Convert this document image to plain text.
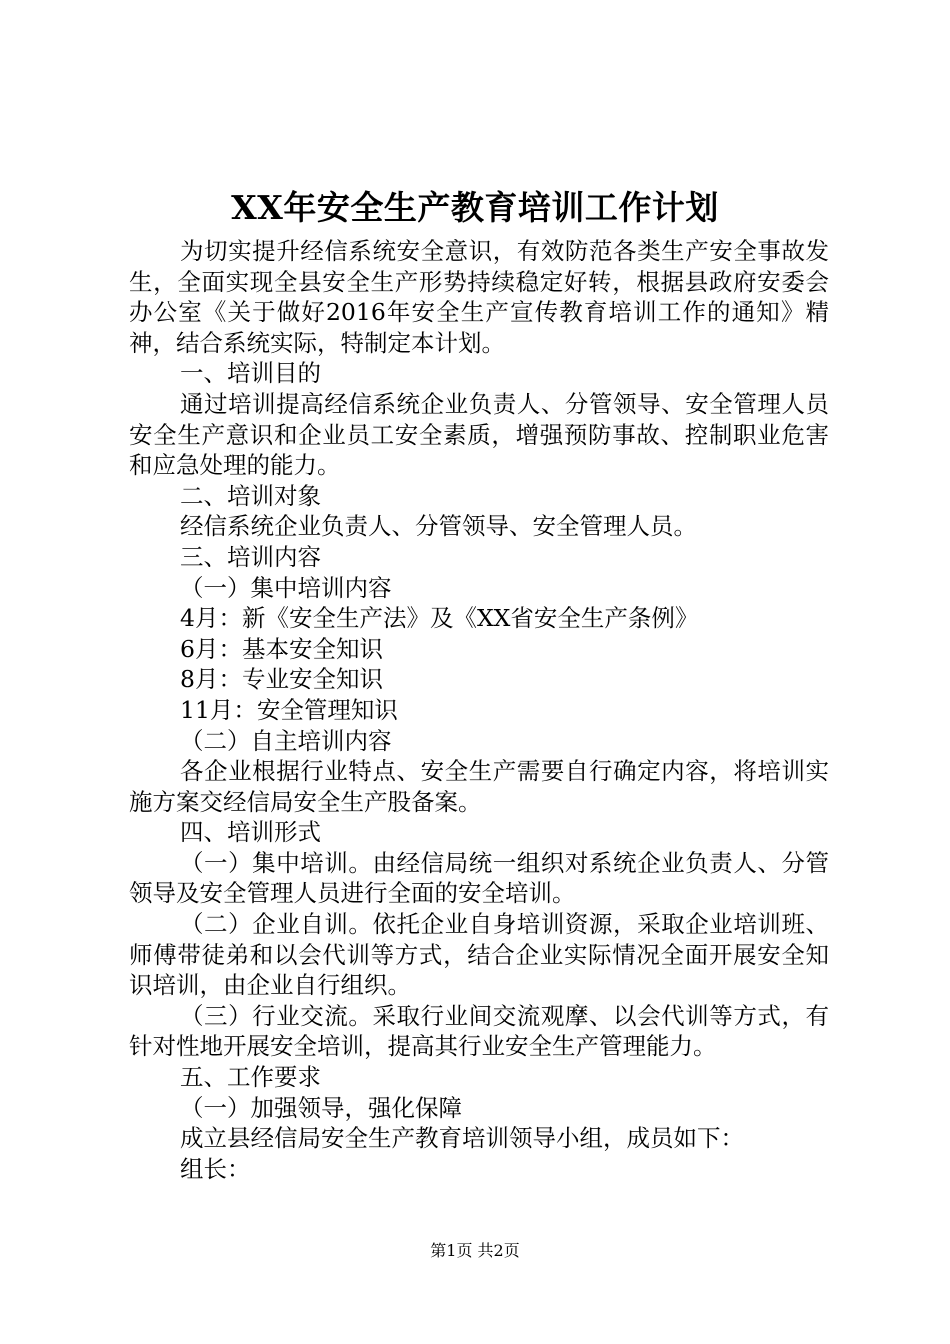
XX年安全生产教育培训工作计划

为切实提升经信系统安全意识，有效防范各类生产安全事故发生，全面实现全县安全生产形势持续稳定好转，根据县政府安委会办公室《关于做好2016年安全生产宣传教育培训工作的通知》精神，结合系统实际，特制定本计划。

一、培训目的

通过培训提高经信系统企业负责人、分管领导、安全管理人员安全生产意识和企业员工安全素质，增强预防事故、控制职业危害和应急处理的能力。

二、培训对象

经信系统企业负责人、分管领导、安全管理人员。

三、培训内容

（一）集中培训内容

4月：新《安全生产法》及《XX省安全生产条例》

6月：基本安全知识

8月：专业安全知识

11月：安全管理知识

（二）自主培训内容

各企业根据行业特点、安全生产需要自行确定内容，将培训实施方案交经信局安全生产股备案。

四、培训形式

（一）集中培训。由经信局统一组织对系统企业负责人、分管领导及安全管理人员进行全面的安全培训。

（二）企业自训。依托企业自身培训资源，采取企业培训班、师傅带徒弟和以会代训等方式，结合企业实际情况全面开展安全知识培训，由企业自行组织。

（三）行业交流。采取行业间交流观摩、以会代训等方式，有针对性地开展安全培训，提高其行业安全生产管理能力。

五、工作要求

（一）加强领导，强化保障

成立县经信局安全生产教育培训领导小组，成员如下：

组长：

第1页 共2页
